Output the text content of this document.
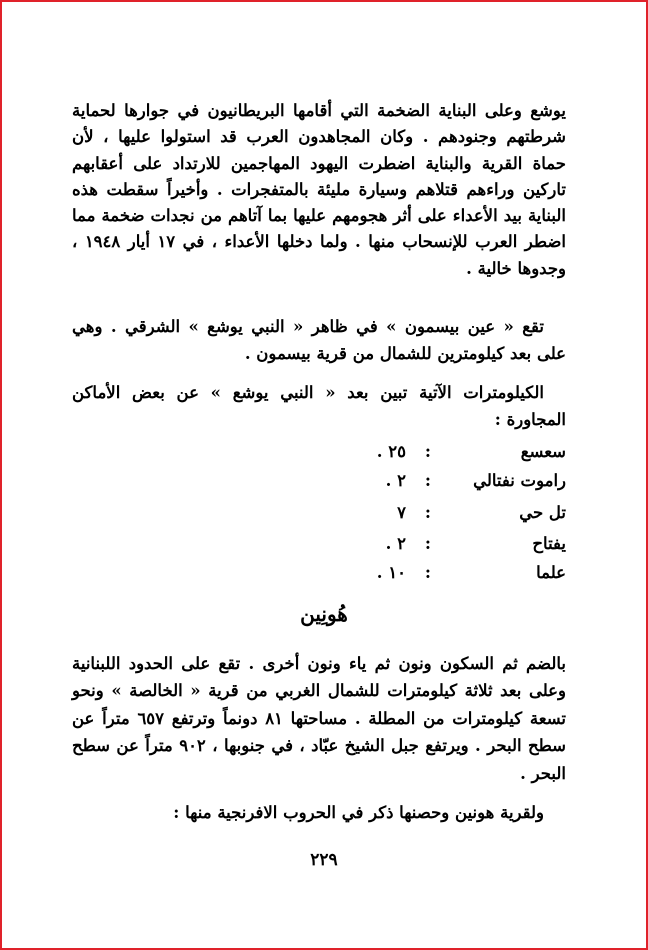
يوشع وعلى البناية الضخمة التي أقامها البريطانيون في جوارها لحماية شرطتهم وجنودهم . وكان المجاهدون العرب قد استولوا عليها ، لأن حماة القرية والبناية اضطرت اليهود المهاجمين للارتداد على أعقابهم تاركين وراءهم قتلاهم وسيارة مليئة بالمتفجرات . وأخيراً سقطت هذه البناية بيد الأعداء على أثر هجومهم عليها بما آتاهم من نجدات ضخمة مما اضطر العرب للإنسحاب منها . ولما دخلها الأعداء ، في ١٧ أيار ١٩٤٨ ، وجدوها خالية .

تقع « عين بيسمون » في ظاهر « النبي يوشع » الشرقي . وهي على بعد كيلومترين للشمال من قرية بيسمون .

الكيلومترات الآتية تبين بعد « النبي يوشع » عن بعض الأماكن المجاورة :

سعسع
:
٢٥ .
راموت نفتالي
:
٢ .
تل حي
:
٧
يفتاح
:
٢ .
علما
:
١٠ .
هُونِين

بالضم ثم السكون ونون ثم ياء ونون أخرى . تقع على الحدود اللبنانية وعلى بعد ثلاثة كيلومترات للشمال الغربي من قرية « الخالصة » ونحو تسعة كيلومترات من المطلة . مساحتها ٨١ دونماً وترتفع ٦٥٧ متراً عن سطح البحر . ويرتفع جبل الشيخ عبّاد ، في جنوبها ، ٩٠٢ متراً عن سطح البحر .

ولقرية هونين وحصنها ذكر في الحروب الافرنجية منها :

٢٢٩
